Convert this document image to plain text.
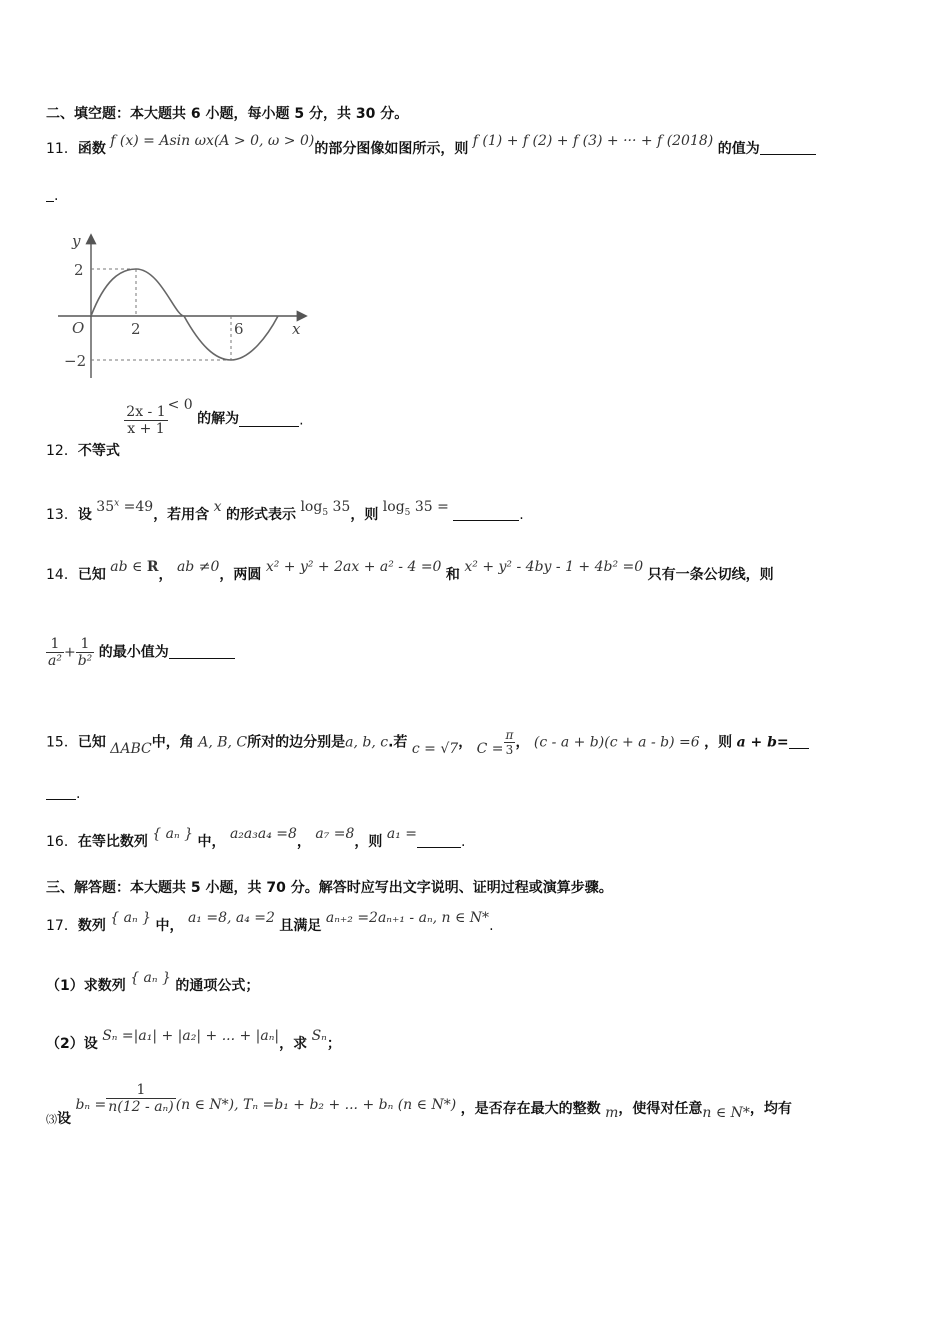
二、填空题：本大题共 6 小题，每小题 5 分，共 30 分。
11．函数 f (x) = Asin ωx(A > 0, ω > 0)的部分图像如图所示，则 f (1) + f (2) + f (3) + ··· + f (2018) 的值为
.
y
x
O
2
−2
2	6
12．不等式
$\frac{2x - 1}{x + 1} < 0$ 的解为	.
13．设 $35^x =49$，若用含 x 的形式表示 $\log_5 35$，则 $\log_5 35$ =	.
14．已知 ab ∈ R， ab ≠0，两圆 x² + y² + 2ax + a² - 4 =0 和 x² + y² - 4by - 1 + 4b² =0 只有一条公切线，则
$\frac{1}{\text{a²}} + \frac{1}{\text{b²}}$ 的最小值为
15．已知 ΔABC中，角 A, B, C所对的边分别是a, b, c.若 c = √7， $C = \frac{\pi}{3}$ ， (c - a + b)(c + a - b) =6 ，则 a + b=
.
16．在等比数列 { aₙ } 中， a₂a₃a₄ =8， a₇ =8，则 a₁ =	.
三、解答题：本大题共 5 小题，共 70 分。解答时应写出文字说明、证明过程或演算步骤。
17．数列 { aₙ } 中， a₁ =8, a₄ =2 且满足 aₙ₊₂ =2aₙ₊₁ - aₙ, n ∈ N*.
（1）求数列 { aₙ } 的通项公式；
（2）设 Sₙ =|a₁| + |a₂| + ... + |aₙ|，求 Sₙ；
$_⑶$设 $b_n = \frac{1}{\text{n(12 - aₙ)}} (n$ ∈ N*), Tₙ =b₁ + b₂ + ... + bₙ (n ∈ N*) ，是否存在最大的整数 m，使得对任意n ∈ N*，均有
